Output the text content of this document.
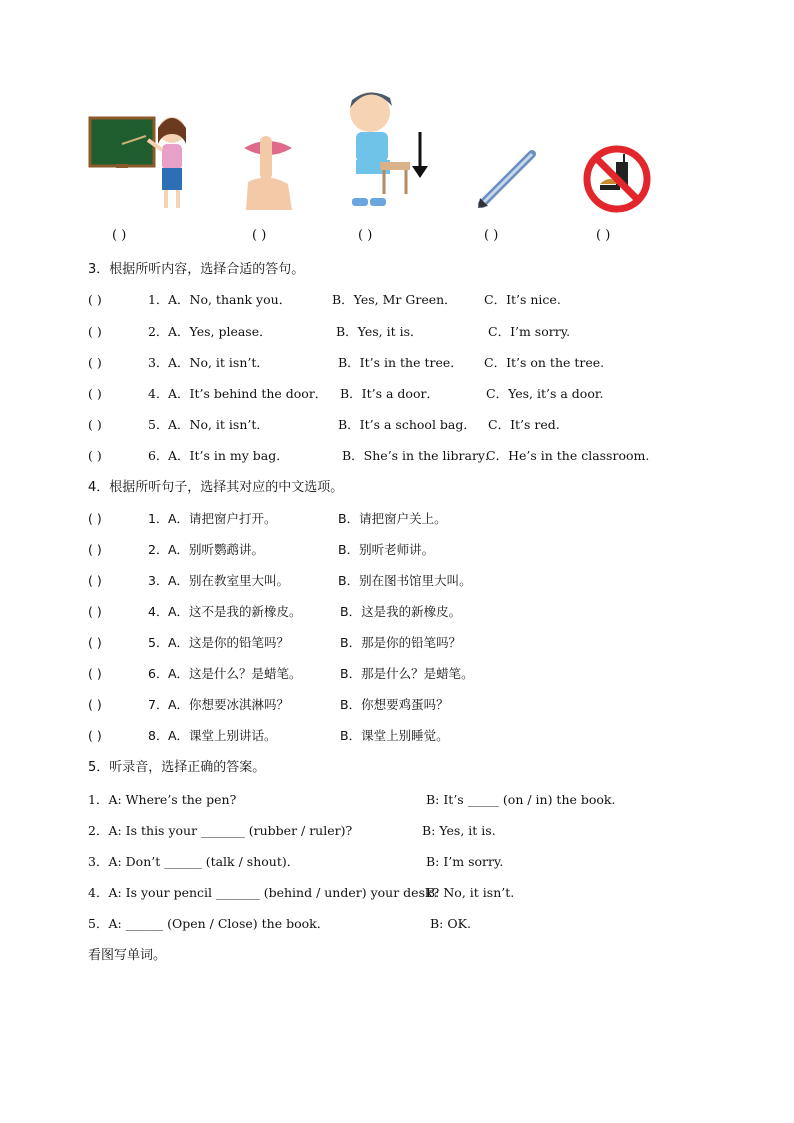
( )	( )	( )	( )	( )
3．根据所听内容，选择合适的答句。
( )	1． A．No, thank you．	B．Yes, Mr Green． C．It’s nice.
( )	2． A．Yes, please．	B．Yes, it is．	C．I’m sorry.
( )	3． A．No, it isn’t．	B．It’s in the tree． C．It’s on the tree.
( )	4． A．It’s behind the door． B．It’s a door．	C．Yes, it’s a door.
( )	5． A．No, it isn’t．	B．It’s a school bag． C．It’s red.
( )	6． A．It’s in my bag．	B．She’s in the library．
C．He’s in the classroom.
4．根据所听句子，选择其对应的中文选项。
( )	1． A．请把窗户打开。	B．请把窗户关上。
( )	2． A．别听鹦鹉讲。	B．别听老师讲。
( )	3． A．别在教室里大叫。	B．别在图书馆里大叫。
( )	4． A．这不是我的新橡皮。	B．这是我的新橡皮。
( )	5． A．这是你的铅笔吗？	B．那是你的铅笔吗？
( )	6． A．这是什么？是蜡笔。	B．那是什么？是蜡笔。
( )	7． A．你想要冰淇淋吗？	B．你想要鸡蛋吗？
( )	8． A．课堂上别讲话。	B．课堂上别睡觉。
5．听录音，选择正确的答案。
1．A: Where’s the pen?	B: It’s _____ (on / in) the book.
2．A: Is this your _______ (rubber / ruler)?	B: Yes, it is.
3．A: Don’t ______ (talk / shout)．	B: I’m sorry.
4．A: Is your pencil _______ (behind / under) your desk?
B: No, it isn’t.
5．A: ______ (Open / Close) the book．	B: OK.
看图写单词。
